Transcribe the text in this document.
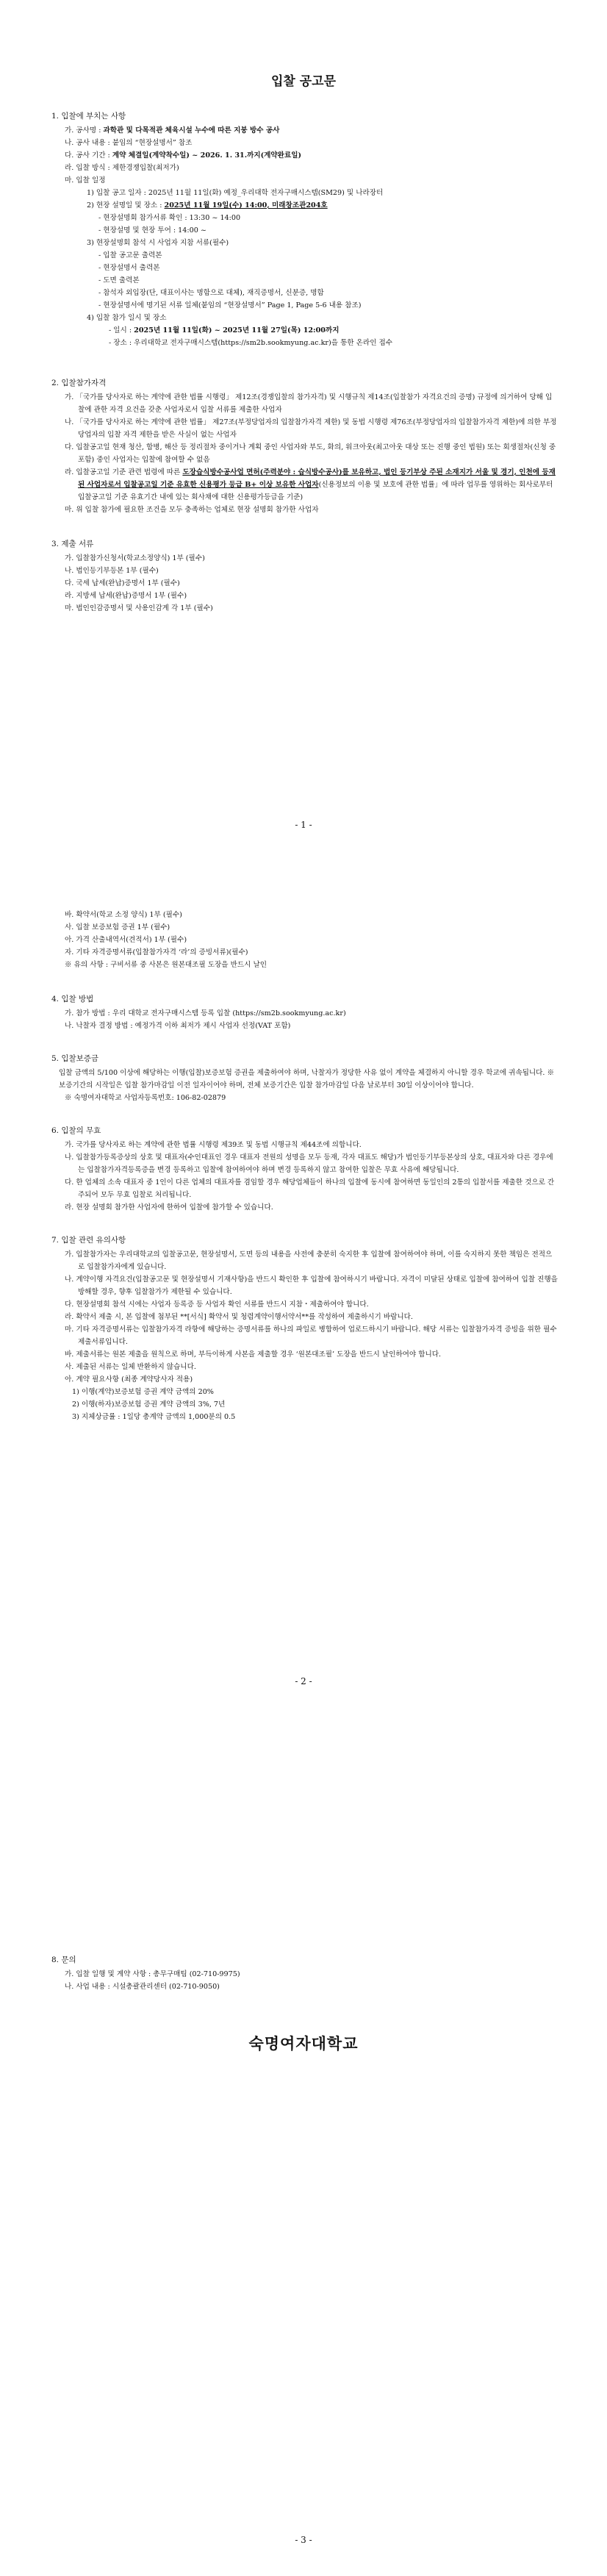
입찰 공고문
1. 입찰에 부치는 사항
가. 공사명 : 과학관 및 다목적관 체육시설 누수에 따른 지붕 방수 공사
나. 공사 내용 : 붙임의 “현장설명서” 참조
다. 공사 기간 : 계약 체결일(계약착수일) ~ 2026. 1. 31.까지(계약완료일)
라. 입찰 방식 : 제한경쟁입찰(최저가)
마. 입찰 일정
1) 입찰 공고 일자 : 2025년 11월 11일(화) 예정_우리대학 전자구매시스템(SM29) 및 나라장터
2) 현장 설명일 및 장소 : 2025년 11월 19일(수) 14:00, 미래창조관204호
- 현장설명회 참가서류 확인 : 13:30 ~ 14:00
- 현장설명 및 현장 투어 : 14:00 ~
3) 현장설명회 참석 시 사업자 지참 서류(필수)
- 입찰 공고문 출력본
- 현장설명서 출력본
- 도면 출력본
- 참석자 외입장(단, 대표이사는 명함으로 대체), 재직증명서, 신분증, 명함
- 현장설명서에 명기된 서류 일체(붙임의 “현장설명서” Page 1, Page 5-6 내용 참조)
4) 입찰 참가 일시 및 장소
- 일시 : 2025년 11월 11일(화) ~ 2025년 11월 27일(목) 12:00까지
- 장소 : 우리대학교 전자구매시스템(https://sm2b.sookmyung.ac.kr)을 통한 온라인 접수
2. 입찰참가자격
가. 「국가를 당사자로 하는 계약에 관한 법률 시행령」 제12조(경쟁입찰의 참가자격) 및 시행규칙 제14조(입찰참가 자격요건의 증명) 규정에 의거하여 당해 입찰에 관한 자격 요건을 갖춘 사업자로서 입찰 서류를 제출한 사업자
나. 「국가를 당사자로 하는 계약에 관한 법률」 제27조(부정당업자의 입찰참가자격 제한) 및 동법 시행령 제76조(부정당업자의 입찰참가자격 제한)에 의한 부정당업자의 입찰 자격 제한을 받은 사실이 없는 사업자
다. 입찰공고일 현재 청산, 합병, 해산 등 정리절차 중이거나 계획 중인 사업자와 부도, 화의, 워크아웃(최고아웃 대상 또는 진행 중인 법원) 또는 회생절차(신청 중 포함) 중인 사업자는 입찰에 참여할 수 없음
라. 입찰공고일 기준 관련 법령에 따른 도장습식방수공사업 면허(주력분야 : 습식방수공사)를 보유하고, 법인 등기부상 주된 소재지가 서울 및 경기, 인천에 등재된 사업자로서 입찰공고일 기준 유효한 신용평가 등급 B+ 이상 보유한 사업자(신용정보의 이용 및 보호에 관한 법률」에 따라 업무를 영위하는 회사로부터 입찰공고일 기준 유효기간 내에 있는 회사채에 대한 신용평가등급을 기준)
마. 위 입찰 참가에 필요한 조건을 모두 충족하는 업체로 현장 설명회 참가한 사업자
3. 제출 서류
가. 입찰참가신청서(학교소정양식) 1부 (필수)
나. 법인등기부등본 1부 (필수)
다. 국세 납세(완납)증명서 1부 (필수)
라. 지방세 납세(완납)증명서 1부 (필수)
마. 법인인감증명서 및 사용인감계 각 1부 (필수)
- 1 -
바. 확약서(학교 소정 양식) 1부 (필수)
사. 입찰 보증보험 증권 1부 (필수)
아. 가격 산출내역서(견적서) 1부 (필수)
자. 기타 자격증명서류(입찰참가자격 ‘라’의 증빙서류)(필수)
※ 유의 사항 : 구비서류 중 사본은 원본대조필 도장을 반드시 날인
4. 입찰 방법
가. 참가 방법 : 우리 대학교 전자구매시스템 등록 입찰 (https://sm2b.sookmyung.ac.kr)
나. 낙찰자 결정 방법 : 예정가격 이하 최저가 제시 사업자 선정(VAT 포함)
5. 입찰보증금
입찰 금액의 5/100 이상에 해당하는 이행(입찰)보증보험 증권을 제출하여야 하며, 낙찰자가 정당한 사유 없이 계약을 체결하지 아니할 경우 학교에 귀속됩니다. ※ 보증기간의 시작일은 입찰 참가마감일 이전 일자이어야 하며, 전체 보증기간은 입찰 참가마감일 다음 날로부터 30일 이상이어야 합니다.
※ 숙명여자대학교 사업자등록번호: 106-82-02879
6. 입찰의 무효
가. 국가를 당사자로 하는 계약에 관한 법률 시행령 제39조 및 동법 시행규칙 제44조에 의합니다.
나. 입찰참가등록증상의 상호 및 대표자(수인대표인 경우 대표자 전원의 성명을 모두 등재, 각자 대표도 해당)가 법인등기부등본상의 상호, 대표자와 다른 경우에는 입찰참가자격등록증을 변경 등록하고 입찰에 참여하여야 하며 변경 등록하지 않고 참여한 입찰은 무효 사유에 해당됩니다.
다. 한 업체의 소속 대표자 중 1인이 다른 업체의 대표자를 겸임할 경우 해당업체들이 하나의 입찰에 동시에 참여하면 동일인의 2통의 입찰서를 제출한 것으로 간주되어 모두 무효 입찰로 처리됩니다.
라. 현장 설명회 참가한 사업자에 한하여 입찰에 참가할 수 있습니다.
7. 입찰 관련 유의사항
가. 입찰참가자는 우리대학교의 입찰공고문, 현장설명서, 도면 등의 내용을 사전에 충분히 숙지한 후 입찰에 참여하여야 하며, 이를 숙지하지 못한 책임은 전적으로 입찰참가자에게 있습니다.
나. 계약이행 자격요건(입찰공고문 및 현장설명서 기재사항)을 반드시 확인한 후 입찰에 참여하시기 바랍니다. 자격이 미달된 상태로 입찰에 참여하여 입찰 진행을 방해할 경우, 향후 입찰참가가 제한될 수 있습니다.
다. 현장설명회 참석 시에는 사업자 등록증 등 사업자 확인 서류를 반드시 지참・제출하여야 합니다.
라. 확약서 제출 시, 본 입찰에 첨부된 **[서식] 확약서 및 청렴계약이행서약서**를 작성하여 제출하시기 바랍니다.
마. 기타 자격증명서류는 입찰참가자격 라항에 해당하는 증명서류를 하나의 파일로 병합하여 업로드하시기 바랍니다. 해당 서류는 입찰참가자격 증빙을 위한 필수 제출서류입니다.
바. 제출서류는 원본 제출을 원칙으로 하며, 부득이하게 사본을 제출할 경우 ‘원본대조필’ 도장을 반드시 날인하여야 합니다.
사. 제출된 서류는 일체 반환하지 않습니다.
아. 계약 필요사항 (최종 계약당사자 적용)
1) 이행(계약)보증보험 증권 계약 금액의 20%
2) 이행(하자)보증보험 증권 계약 금액의 3%, 7년
3) 지체상금률 : 1일당 총계약 금액의 1,000분의 0.5
- 2 -
8. 문의
가. 입찰 일행 및 계약 사항 : 총무구매팀 (02-710-9975)
나. 사업 내용 : 시설총괄관리센터 (02-710-9050)
숙명여자대학교
- 3 -
